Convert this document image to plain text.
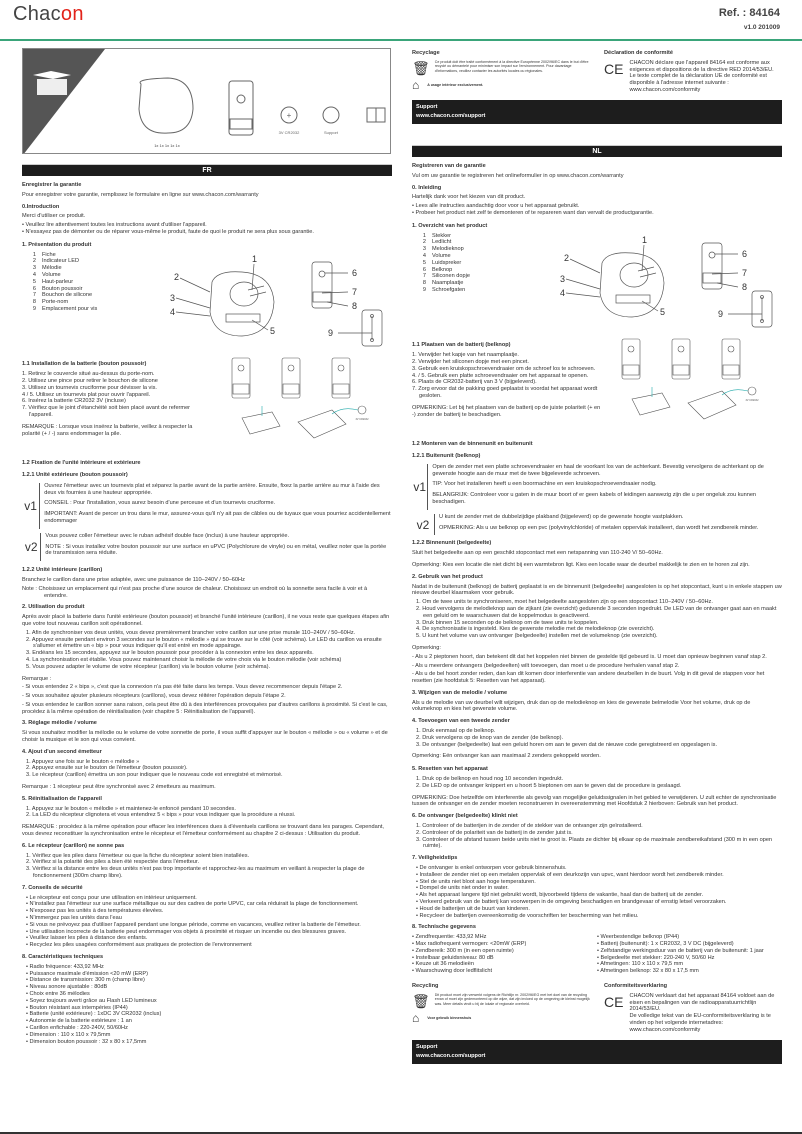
Chacon	Ref. : 84164
v1.0 201009
+
3V CR2032	Support
1x 1x 1x 1x 1x
FR
Enregistrer la garantie
Pour enregistrer votre garantie, remplissez le formulaire en ligne sur www.chacon.com/warranty
0.Introduction
Merci d'utiliser ce produit.
• Veuillez lire attentivement toutes les instructions avant d'utiliser l'appareil.
• N'essayez pas de démonter ou de réparer vous-même le produit, faute de quoi le produit ne sera plus sous garantie.
1. Présentation du produit
1	Fiche
2	Indicateur LED
3	Mélodie
4	Volume
5	Haut-parleur
6	Bouton poussoir
7	Bouchon de silicone
8	Porte-nom
9	Emplacement pour vis
1
2
3
4
5
6
7
8
9
1.1 Installation de la batterie (bouton poussoir)
1. Retirez le couvercle situé au-dessus du porte-nom.
2. Utilisez une pince pour retirer le bouchon de silicone
3. Utilisez un tournevis cruciforme pour dévisser la vis.
4 / 5. Utilisez un tournevis plat pour ouvrir l'appareil.
6. Insérez la batterie CR2032 3V (incluse)
7. Vérifiez que le joint d'étanchéité soit bien placé avant de refermer l'appareil.
REMARQUE : Lorsque vous insérez la batterie, veillez à respecter la polarité (+ / -) sans endommager la pile.
3V CR2032
1.2 Fixation de l'unité intérieure et extérieure
1.2.1 Unité extérieure (bouton poussoir)
v1
Ouvrez l'émetteur avec un tournevis plat et séparez la partie avant de la partie arrière. Ensuite, fixez la partie arrière au mur à l'aide des deux vis fournies à une hauteur appropriée.
CONSEIL : Pour l'installation, vous aurez besoin d'une perceuse et d'un tournevis cruciforme.
IMPORTANT: Avant de percer un trou dans le mur, assurez-vous qu'il n'y ait pas de câbles ou de tuyaux que vous pourriez accidentellement endommager
v2
Vous pouvez coller l'émetteur avec le ruban adhésif double face (inclus) à une hauteur appropriée.
NOTE : Si vous installez votre bouton poussoir sur une surface en uPVC (Polychlorure de vinyle) ou en métal, veuillez noter que la portée de transmission sera réduite.
1.2.2 Unité intérieure (carillon)
Branchez le carillon dans une prise adaptée, avec une puissance de 110–240V / 50–60Hz
Note : Choisissez un emplacement qui n'est pas proche d'une source de chaleur. Choisissez un endroit où la sonnette sera facile à voir et à entendre.
2. Utilisation du produit
Après avoir placé la batterie dans l'unité extérieure (bouton poussoir) et branché l'unité intérieure (carillon), il ne vous reste que quelques étapes afin que votre tout nouveau carillon soit opérationnel.
1. Afin de synchroniser vos deux unités, vous devez premièrement brancher votre carillon sur une prise murale 110–240V / 50–60Hz.
2. Appuyez ensuite pendant environ 3 secondes sur le bouton « mélodie » qui se trouve sur le côté (voir schéma). Le LED du carillon va ensuite s'allumer et émettre un « bip » pour vous indiquer qu'il est entré en mode appairage.
3. Endéans les 15 secondes, appuyez sur le bouton poussoir pour procéder à la connexion entre les deux appareils.
4. La synchronisation est établie. Vous pouvez maintenant choisir la mélodie de votre choix via le bouton mélodie (voir schéma)
5. Vous pouvez adapter le volume de votre récepteur (carillon) via le bouton volume (voir schéma).
Remarque :
- Si vous entendez 2 « bips », c'est que la connexion n'a pas été faite dans les temps. Vous devez recommencer depuis l'étape 2.
- Si vous souhaitez ajouter plusieurs récepteurs (carillons), vous devez réitérer l'opération depuis l'étape 2.
- Si vous entendez le carillon sonner sans raison, cela peut être dû à des interférences provoquées par d'autres carillons à proximité. Si c'est le cas, procédez à la même opération de réinitialisation (voir chapitre 5 : Réinitialisation de l'appareil).
3. Réglage mélodie / volume
Si vous souhaitez modifier la mélodie ou le volume de votre sonnette de porte, il vous suffit d'appuyer sur le bouton « mélodie » ou « volume » et de choisir la musique et le son qui vous convient.
4. Ajout d'un second émetteur
1. Appuyez une fois sur le bouton « mélodie »
2. Appuyez ensuite sur le bouton de l'émetteur (bouton poussoir).
3. Le récepteur (carillon) émettra un son pour indiquer que le nouveau code est enregistré et mémorisé.
Remarque : 1 récepteur peut être synchronisé avec 2 émetteurs au maximum.
5. Réinitialisation de l'appareil
1. Appuyez sur le bouton « mélodie » et maintenez-le enfoncé pendant 10 secondes.
2. La LED du récepteur clignotera et vous entendrez 5 « bips » pour vous indiquer que la procédure a réussi.
REMARQUE : procédez à la même opération pour effacer les interférences dues à d'éventuels carillons se trouvant dans les parages. Cependant, vous devrez reconstituer la synchronisation entre le récepteur et l'émetteur conformément au chapitre 2 ci-dessus : Utilisation du produit.
6. Le récepteur (carillon) ne sonne pas
1. Vérifiez que les piles dans l'émetteur ou que la fiche du récepteur soient bien installées.
2. Vérifiez si la polarité des piles a bien été respectée dans l'émetteur.
3. Vérifiez si la distance entre les deux unités n'est pas trop importante et rapprochez-les au maximum en veillant à respecter la plage de fonctionnement (300m champ libre).
7. Conseils de sécurité
• Le récepteur est conçu pour une utilisation en intérieur uniquement.
• N'installez pas l'émetteur sur une surface métallique ou sur des cadres de porte UPVC, car cela réduirait la plage de fonctionnement.
• N'exposez pas les unités à des températures élevées.
• N'immergez pas les unités dans l'eau
• Si vous ne prévoyez pas d'utiliser l'appareil pendant une longue période, comme en vacances, veuillez retirer la batterie de l'émetteur.
• Une utilisation incorrecte de la batterie peut endommager vos objets à proximité et risquer un incendie ou des blessures graves.
• Veuillez laisser les piles à distance des enfants.
• Recyclez les piles usagées conformément aux pratiques de protection de l'environnement
8. Caractéristiques techniques
• Radio fréquence: 433,92 MHz
• Puissance maximale d'émission <20 mW (ERP)
• Distance de transmission: 300 m (champ libre)
• Niveau sonore ajustable : 80dB
• Choix entre 36 mélodies
• Soyez toujours averti grâce au Flash LED lumineux
• Bouton résistant aux intempéries (IP44)
• Batterie (unité extérieure) : 1xDC 3V CR2032 (inclus)
• Autonomie de la batterie extérieure : 1 an
• Carillon enfichable : 220-240V, 50/60Hz
• Dimension : 110 x 110 x 79,5mm
• Dimension bouton poussoir : 32 x 80 x 17,5mm
Recyclage
🗑 Ce produit doit être traité conformément à la directive Européenne 2002/96/EC dans le but d'être recyclé ou démantelé pour minimiser son impact sur l'environnement. Pour davantage d'informations, veuillez contacter les autorités locales ou régionales.
⌂ A usage intérieur exclusivement.
Déclaration de conformité
CE CHACON déclare que l'appareil 84164 est conforme aux exigences et dispositions de la directive RED 2014/53/EU.
Le texte complet de la déclaration UE de conformité est disponible à l'adresse internet suivante : www.chacon.com/conformity
Support
www.chacon.com/support
NL
Registreren van de garantie
Vul om uw garantie te registreren het onlineformulier in op www.chacon.com/warranty
0. Inleiding
Hartelijk dank voor het kiezen van dit product.
• Lees alle instructies aandachtig door voor u het apparaat gebruikt.
• Probeer het product niet zelf te demonteren of te repareren want dan vervalt de productgarantie.
1. Overzicht van het product
1	Stekker
2	Ledlicht
3	Melodieknop
4	Volume
5	Luidspreker
6	Belknop
7	Siliconen dopje
8	Naamplaatje
9	Schroefgaten
1
2
3
4
5
6
7
8
9
1.1 Plaatsen van de batterij (belknop)
1. Verwijder het kapje van het naamplaatje.
2. Verwijder het siliconen dopje met een pincet.
3. Gebruik een kruiskopschroevendraaier om de schroef los te schroeven.
4. / 5. Gebruik een platte schroevendraaier om het apparaat te openen.
6. Plaats de CR2032-batterij van 3 V (bijgeleverd).
7. Zorg ervoor dat de pakking goed geplaatst is voordat het apparaat wordt gesloten.
OPMERKING: Let bij het plaatsen van de batterij op de juiste polariteit (+ en -) zonder de batterij te beschadigen.
3V CR2032
1.2 Monteren van de binnenunit en buitenunit
1.2.1 Buitenunit (belknop)
v1
Open de zender met een platte schroevendraaier en haal de voorkant los van de achterkant. Bevestig vervolgens de achterkant op de gewenste hoogte aan de muur met de twee bijgeleverde schroeven.
TIP: Voor het installeren heeft u een boormachine en een kruiskopschroevendraaier nodig.
BELANGRIJK: Controleer voor u gaten in de muur boort of er geen kabels of leidingen aanwezig zijn die u per ongeluk zou kunnen beschadigen.
v2
U kunt de zender met de dubbelzijdige plakband (bijgeleverd) op de gewenste hoogte vastplakken.
OPMERKING: Als u uw belknop op een pvc (polyvinylchloride) of metalen oppervlak installeert, dan wordt het zendbereik minder.
1.2.2 Binnenunit (belgedeelte)
Sluit het belgedeelte aan op een geschikt stopcontact met een netspanning van 110-240 V/ 50–60Hz.
Opmerking: Kies een locatie die niet dicht bij een warmtebron ligt. Kies een locatie waar de deurbel makkelijk te zien en te horen zal zijn.
2. Gebruik van het product
Nadat in de buitenunit (belknop) de batterij geplaatst is en de binnenunit (belgedeelte) aangesloten is op het stopcontact, kunt u in enkele stappen uw nieuwe deurbel klaarmaken voor gebruik.
1. Om de twee units te synchroniseren, moet het belgedeelte aangesloten zijn op een stopcontact 110–240V / 50–60Hz.
2. Houd vervolgens de melodieknop aan de zijkant (zie overzicht) gedurende 3 seconden ingedrukt. De LED van de ontvanger gaat aan en maakt een geluid om te waarschuwen dat de koppelmodus is geactiveerd.
3. Druk binnen 15 seconden op de belknop om de twee units te koppelen.
4. De synchronisatie is ingesteld. Kies de gewenste melodie met de melodieknop (zie overzicht).
5. U kunt het volume van uw ontvanger (belgedeelte) instellen met de volumeknop (zie overzicht).
Opmerking:
- Als u 2 pieptonen hoort, dan betekent dit dat het koppelen niet binnen de gestelde tijd gebeurd is. U moet dan opnieuw beginnen vanaf stap 2.
- Als u meerdere ontvangers (belgedeelten) wilt toevoegen, dan moet u de procedure herhalen vanaf stap 2.
- Als u de bel hoort zonder reden, dan kan dit komen door interferentie van andere deurbellen in de buurt. Volg in dit geval de stappen voor het resetten (zie hoofdstuk 5: Resetten van het apparaat).
3. Wijzigen van de melodie / volume
Als u de melodie van uw deurbel wilt wijzigen, druk dan op de melodieknop en kies de gewenste belmelodie Voor het volume, druk op de volumeknop en kies het gewenste volume.
4. Toevoegen van een tweede zender
1. Druk eenmaal op de belknop.
2. Druk vervolgens op de knop van de zender (de belknop).
3. De ontvanger (belgedeelte) laat een geluid horen om aan te geven dat de nieuwe code geregistreerd en opgeslagen is.
Opmerking: Eén ontvanger kan aan maximaal 2 zenders gekoppeld worden.
5. Resetten van het apparaat
1. Druk op de belknop en houd nog 10 seconden ingedrukt.
2. De LED op de ontvanger knippert en u hoort 5 bieptonen om aan te geven dat de procedure is geslaagd.
OPMERKING: Doe hetzelfde om interferentie als gevolg van mogelijke geluidssignalen in het gebied te verwijderen. U zult echter de synchronisatie tussen de ontvanger en de zender moeten reconstrueren in overeenstemming met Hoofdstuk 2 hierboven: Gebruik van het product.
6. De ontvanger (belgedeelte) klinkt niet
1. Controleer of de batterijen in de zender of de stekker van de ontvanger zijn geïnstalleerd.
2. Controleer of de polariteit van de batterij in de zender juist is.
3. Controleer of de afstand tussen beide units niet te groot is. Plaats ze dichter bij elkaar op de maximale zendbereikafstand (300 m in een open ruimte).
7. Veiligheidstips
• De ontvanger is enkel ontworpen voor gebruik binnenshuis.
• Installeer de zender niet op een metalen oppervlak of een deurkozijn van upvc, want hierdoor wordt het zendbereik minder.
• Stel de units niet bloot aan hoge temperaturen.
• Dompel de units niet onder in water.
• Als het apparaat langere tijd niet gebruikt wordt, bijvoorbeeld tijdens de vakantie, haal dan de batterij uit de zender.
• Verkeerd gebruik van de batterij kan voorwerpen in de omgeving beschadigen en brandgevaar of ernstig letsel veroorzaken.
• Houd de batterijen uit de buurt van kinderen.
• Recycleer de batterijen overeenkomstig de voorschriften ter bescherming van het milieu.
8. Technische gegevens
• Zendfrequentie: 433,92 MHz
• Max radiofrequent vermogen: <20mW (ERP)
• Zendbereik: 300 m (in een open ruimte)
• Instelbaar geluidsniveau: 80 dB
• Keuze uit 36 melodieën
• Waarschuwing door ledflitslicht
• Weerbestendige belknop (IP44)
• Batterij (buitenunit): 1 x CR2032, 3 V DC (bijgeleverd)
• Zelfstandige werkingsduur van de batterij van de buitenunit: 1 jaar
• Belgedeelte met stekker: 220-240 V, 50/60 Hz
• Afmetingen: 110 x 110 x 79,5 mm
• Afmetingen belknop: 32 x 80 x 17,5 mm
Recycling
🗑 Dit product moet zijn verwerkt volgens de Richtlijn nr. 2002/96/EG met het doel van de recycling ervan of moet zijn gedemonteerd op die wijze, dat zijn invloed op de omgeving de kleinst mogelijk was. Meer details vindt u bij de lokale of regionale overheid.
⌂ Voor gebruik binnenshuis
Conformiteitsverklaring
CE CHACON verklaart dat het apparaat 84164 voldoet aan de eisen en bepalingen van de radioapparatuurrichtlijn 2014/53/EU.
De volledige tekst van de EU-conformiteitsverklaring is te vinden op het volgende internetadres: www.chacon.com/conformity
Support
www.chacon.com/support
